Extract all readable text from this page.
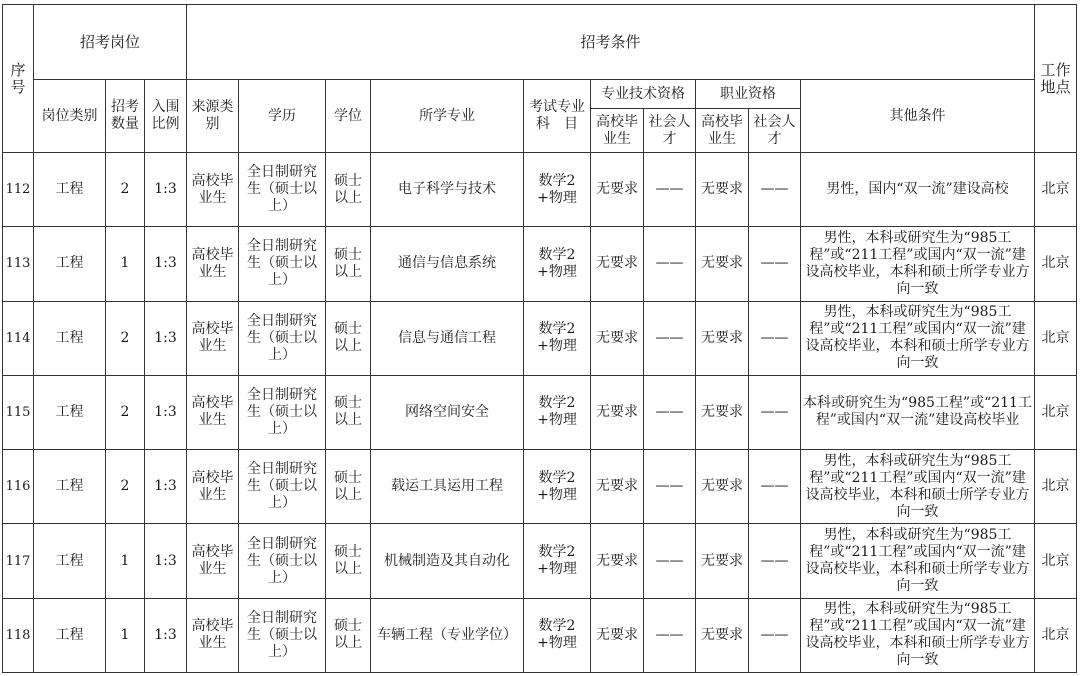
序号	招考岗位			招考条件										工作地点
	岗位类别	招考数量	入围比例	来源类别	学历	学位	所学专业	考试专业科　目	专业技术资格		职业资格		其他条件	
									高校毕业生	社会人才	高校毕业生	社会人才		
112	工程	2	1:3	高校毕业生	全日制研究生（硕士以上）	硕士以上	电子科学与技术	数学2+物理	无要求	——	无要求	——	男性，国内“双一流”建设高校	北京
113	工程	1	1:3	高校毕业生	全日制研究生（硕士以上）	硕士以上	通信与信息系统	数学2+物理	无要求	——	无要求	——	男性，本科或研究生为“985工程”或“211工程”或国内“双一流”建设高校毕业，本科和硕士所学专业方向一致	北京
114	工程	2	1:3	高校毕业生	全日制研究生（硕士以上）	硕士以上	信息与通信工程	数学2+物理	无要求	——	无要求	——	男性，本科或研究生为“985工程”或“211工程”或国内“双一流”建设高校毕业，本科和硕士所学专业方向一致	北京
115	工程	2	1:3	高校毕业生	全日制研究生（硕士以上）	硕士以上	网络空间安全	数学2+物理	无要求	——	无要求	——	本科或研究生为“985工程”或“211工程”或国内“双一流”建设高校毕业	北京
116	工程	2	1:3	高校毕业生	全日制研究生（硕士以上）	硕士以上	载运工具运用工程	数学2+物理	无要求	——	无要求	——	男性，本科或研究生为“985工程”或“211工程”或国内“双一流”建设高校毕业，本科和硕士所学专业方向一致	北京
117	工程	1	1:3	高校毕业生	全日制研究生（硕士以上）	硕士以上	机械制造及其自动化	数学2+物理	无要求	——	无要求	——	男性，本科或研究生为“985工程”或“211工程”或国内“双一流”建设高校毕业，本科和硕士所学专业方向一致	北京
118	工程	1	1:3	高校毕业生	全日制研究生（硕士以上）	硕士以上	车辆工程（专业学位）	数学2+物理	无要求	——	无要求	——	男性，本科或研究生为“985工程”或“211工程”或国内“双一流”建设高校毕业，本科和硕士所学专业方向一致	北京
